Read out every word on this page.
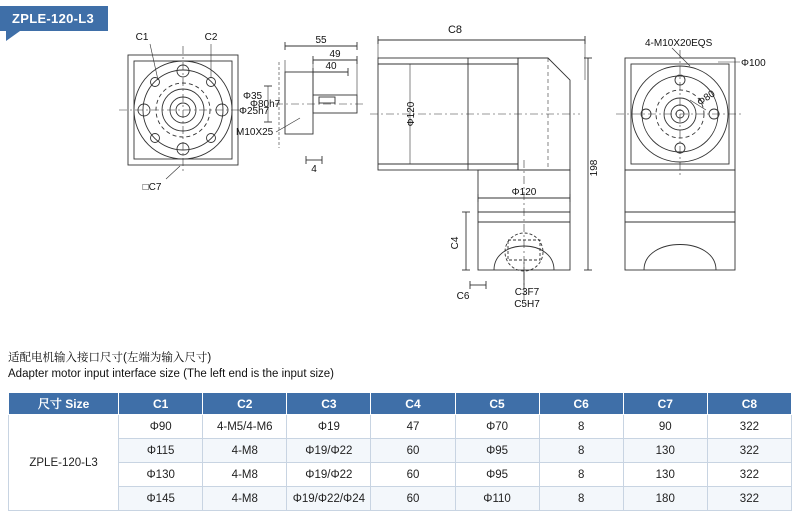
ZPLE-120-L3
C1	C2
□C7
Φ80h7
55
49
40
4
Φ35
Φ25h7
M10X25
C8
Φ120
Φ120
198
C4
C6	C3F7
C5H7
4-M10X20EQS
Φ100
Φ80
适配电机输入接口尺寸(左端为输入尺寸)
Adapter motor input interface size (The left end is the input size)
尺寸 Size	C1	C2	C3	C4	C5	C6	C7	C8
ZPLE-120-L3	Φ90	4-M5/4-M6	Φ19	47	Φ70	8	90	322
	Φ115	4-M8	Φ19/Φ22	60	Φ95	8	130	322
	Φ130	4-M8	Φ19/Φ22	60	Φ95	8	130	322
	Φ145	4-M8	Φ19/Φ22/Φ24	60	Φ110	8	180	322
